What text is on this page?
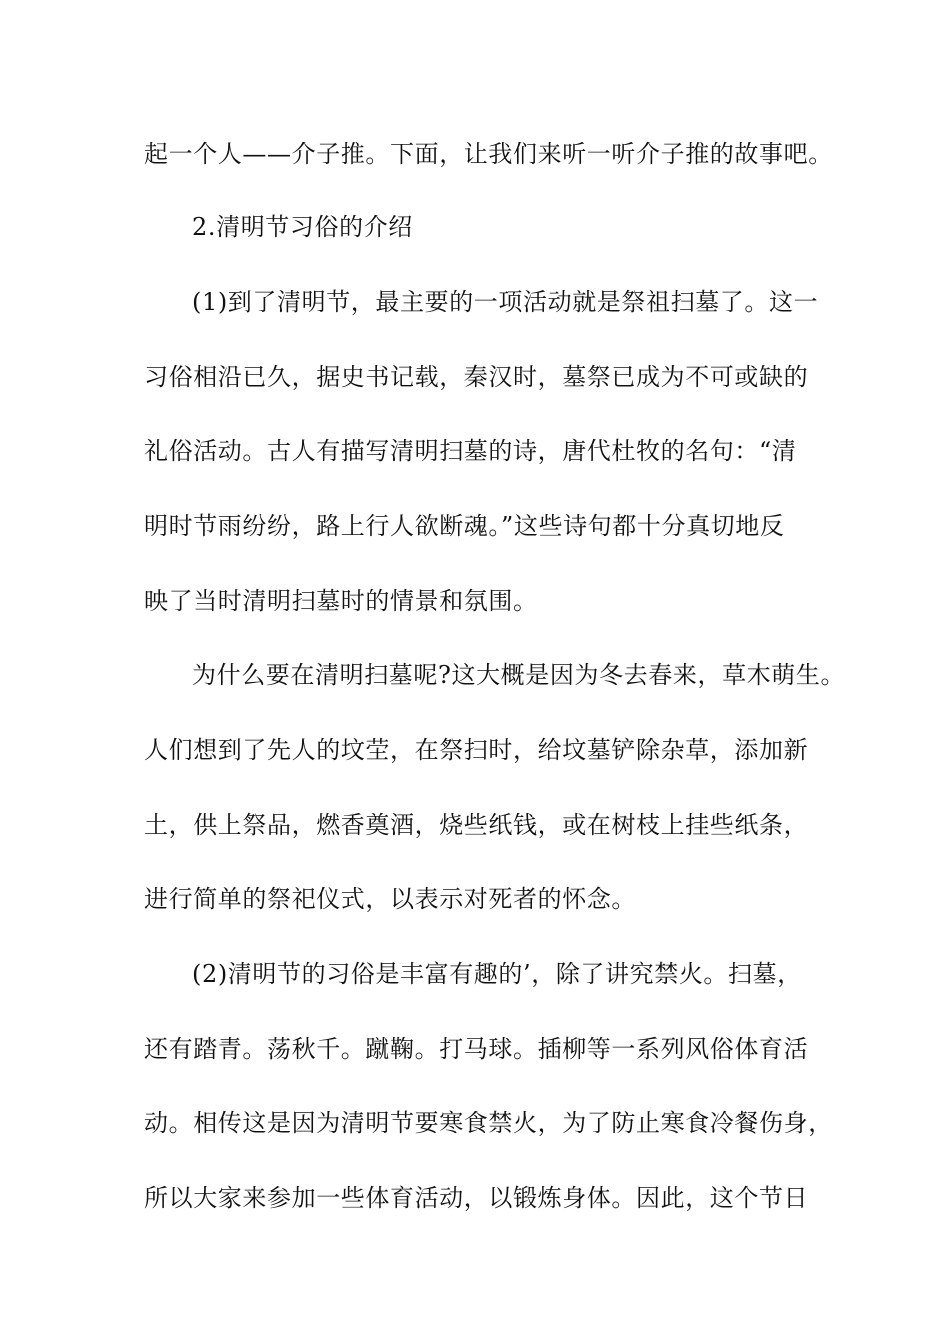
起一个人——介子推。下面，让我们来听一听介子推的故事吧。
2.清明节习俗的介绍
(1)到了清明节，最主要的一项活动就是祭祖扫墓了。这一
习俗相沿已久，据史书记载，秦汉时，墓祭已成为不可或缺的
礼俗活动。古人有描写清明扫墓的诗，唐代杜牧的名句：“清
明时节雨纷纷，路上行人欲断魂。”这些诗句都十分真切地反
映了当时清明扫墓时的情景和氛围。
为什么要在清明扫墓呢?这大概是因为冬去春来，草木萌生。
人们想到了先人的坟茔，在祭扫时，给坟墓铲除杂草，添加新
土，供上祭品，燃香奠酒，烧些纸钱，或在树枝上挂些纸条，
进行简单的祭祀仪式，以表示对死者的怀念。
(2)清明节的习俗是丰富有趣的’，除了讲究禁火。扫墓，
还有踏青。荡秋千。蹴鞠。打马球。插柳等一系列风俗体育活
动。相传这是因为清明节要寒食禁火，为了防止寒食冷餐伤身，
所以大家来参加一些体育活动，以锻炼身体。因此，这个节日
